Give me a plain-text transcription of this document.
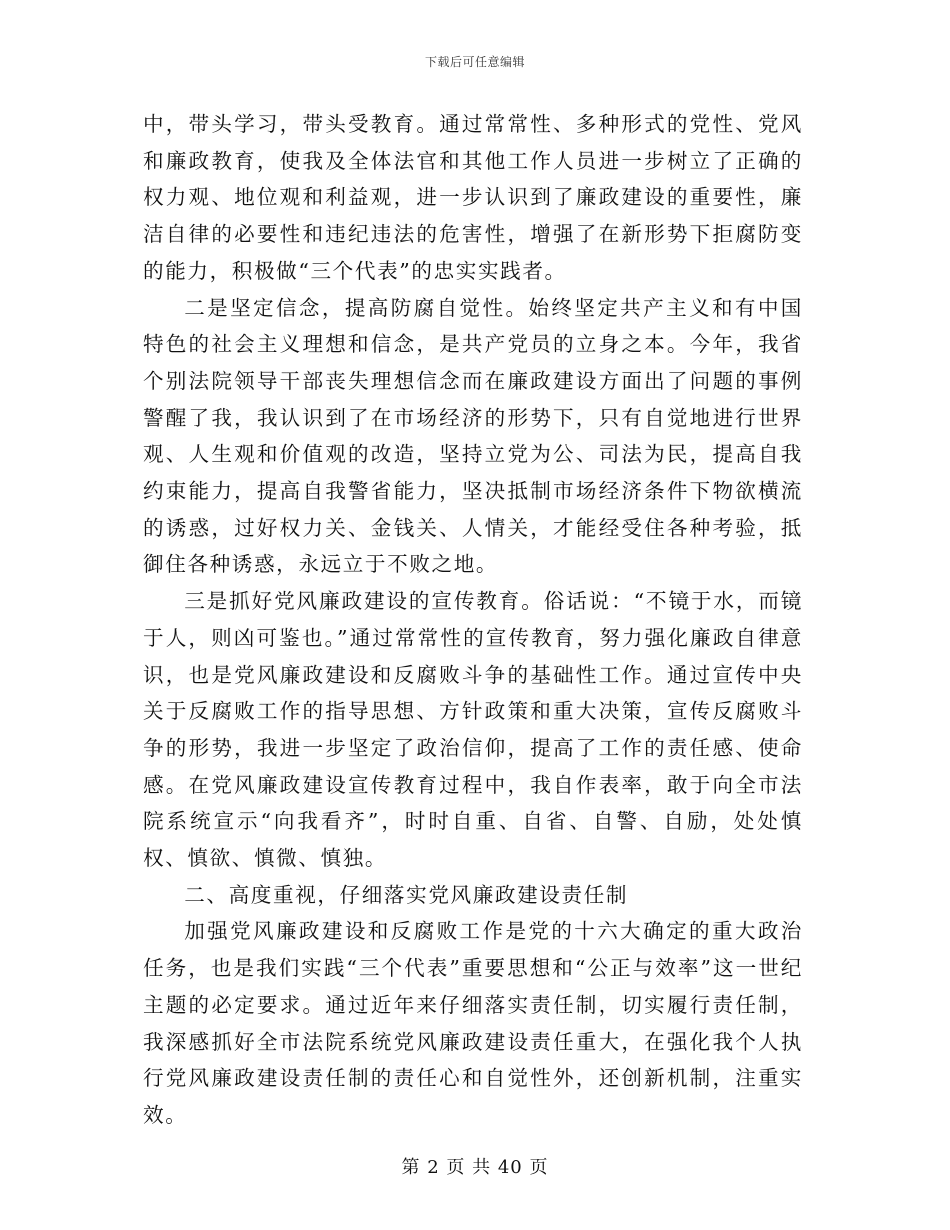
下载后可任意编辑

中，带头学习，带头受教育。通过常常性、多种形式的党性、党风和廉政教育，使我及全体法官和其他工作人员进一步树立了正确的权力观、地位观和利益观，进一步认识到了廉政建设的重要性，廉洁自律的必要性和违纪违法的危害性，增强了在新形势下拒腐防变的能力，积极做“三个代表”的忠实实践者。

二是坚定信念，提高防腐自觉性。始终坚定共产主义和有中国特色的社会主义理想和信念，是共产党员的立身之本。今年，我省个别法院领导干部丧失理想信念而在廉政建设方面出了问题的事例警醒了我，我认识到了在市场经济的形势下，只有自觉地进行世界观、人生观和价值观的改造，坚持立党为公、司法为民，提高自我约束能力，提高自我警省能力，坚决抵制市场经济条件下物欲横流的诱惑，过好权力关、金钱关、人情关，才能经受住各种考验，抵御住各种诱惑，永远立于不败之地。

三是抓好党风廉政建设的宣传教育。俗话说：“不镜于水，而镜于人，则凶可鉴也。”通过常常性的宣传教育，努力强化廉政自律意识，也是党风廉政建设和反腐败斗争的基础性工作。通过宣传中央关于反腐败工作的指导思想、方针政策和重大决策，宣传反腐败斗争的形势，我进一步坚定了政治信仰，提高了工作的责任感、使命感。在党风廉政建设宣传教育过程中，我自作表率，敢于向全市法院系统宣示“向我看齐”，时时自重、自省、自警、自励，处处慎权、慎欲、慎微、慎独。

二、高度重视，仔细落实党风廉政建设责任制

加强党风廉政建设和反腐败工作是党的十六大确定的重大政治任务，也是我们实践“三个代表”重要思想和“公正与效率”这一世纪主题的必定要求。通过近年来仔细落实责任制，切实履行责任制，我深感抓好全市法院系统党风廉政建设责任重大，在强化我个人执行党风廉政建设责任制的责任心和自觉性外，还创新机制，注重实效。

第 2 页 共 40 页
